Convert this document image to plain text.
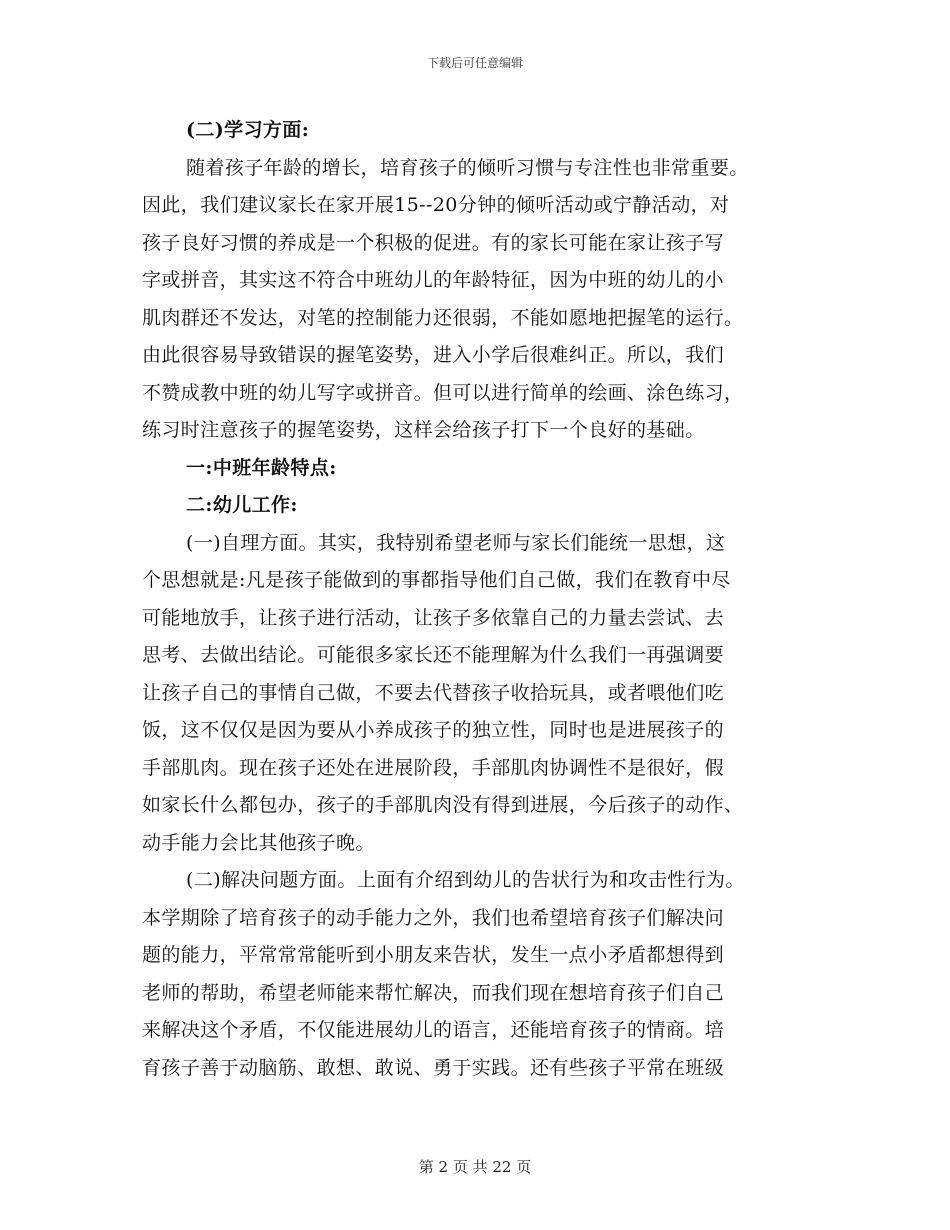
下载后可任意编辑
(二)学习方面:
随着孩子年龄的增长，培育孩子的倾听习惯与专注性也非常重要。
因此，我们建议家长在家开展15--20分钟的倾听活动或宁静活动，对
孩子良好习惯的养成是一个积极的促进。有的家长可能在家让孩子写
字或拼音，其实这不符合中班幼儿的年龄特征，因为中班的幼儿的小
肌肉群还不发达，对笔的控制能力还很弱，不能如愿地把握笔的运行。
由此很容易导致错误的握笔姿势，进入小学后很难纠正。所以，我们
不赞成教中班的幼儿写字或拼音。但可以进行简单的绘画、涂色练习，
练习时注意孩子的握笔姿势，这样会给孩子打下一个良好的基础。
一:中班年龄特点:
二:幼儿工作:
(一)自理方面。其实，我特别希望老师与家长们能统一思想，这
个思想就是:凡是孩子能做到的事都指导他们自己做，我们在教育中尽
可能地放手，让孩子进行活动，让孩子多依靠自己的力量去尝试、去
思考、去做出结论。可能很多家长还不能理解为什么我们一再强调要
让孩子自己的事情自己做，不要去代替孩子收拾玩具，或者喂他们吃
饭，这不仅仅是因为要从小养成孩子的独立性，同时也是进展孩子的
手部肌肉。现在孩子还处在进展阶段，手部肌肉协调性不是很好，假
如家长什么都包办，孩子的手部肌肉没有得到进展，今后孩子的动作、
动手能力会比其他孩子晚。
(二)解决问题方面。上面有介绍到幼儿的告状行为和攻击性行为。
本学期除了培育孩子的动手能力之外，我们也希望培育孩子们解决问
题的能力，平常常常能听到小朋友来告状，发生一点小矛盾都想得到
老师的帮助，希望老师能来帮忙解决，而我们现在想培育孩子们自己
来解决这个矛盾，不仅能进展幼儿的语言，还能培育孩子的情商。培
育孩子善于动脑筋、敢想、敢说、勇于实践。还有些孩子平常在班级
第 2 页 共 22 页
